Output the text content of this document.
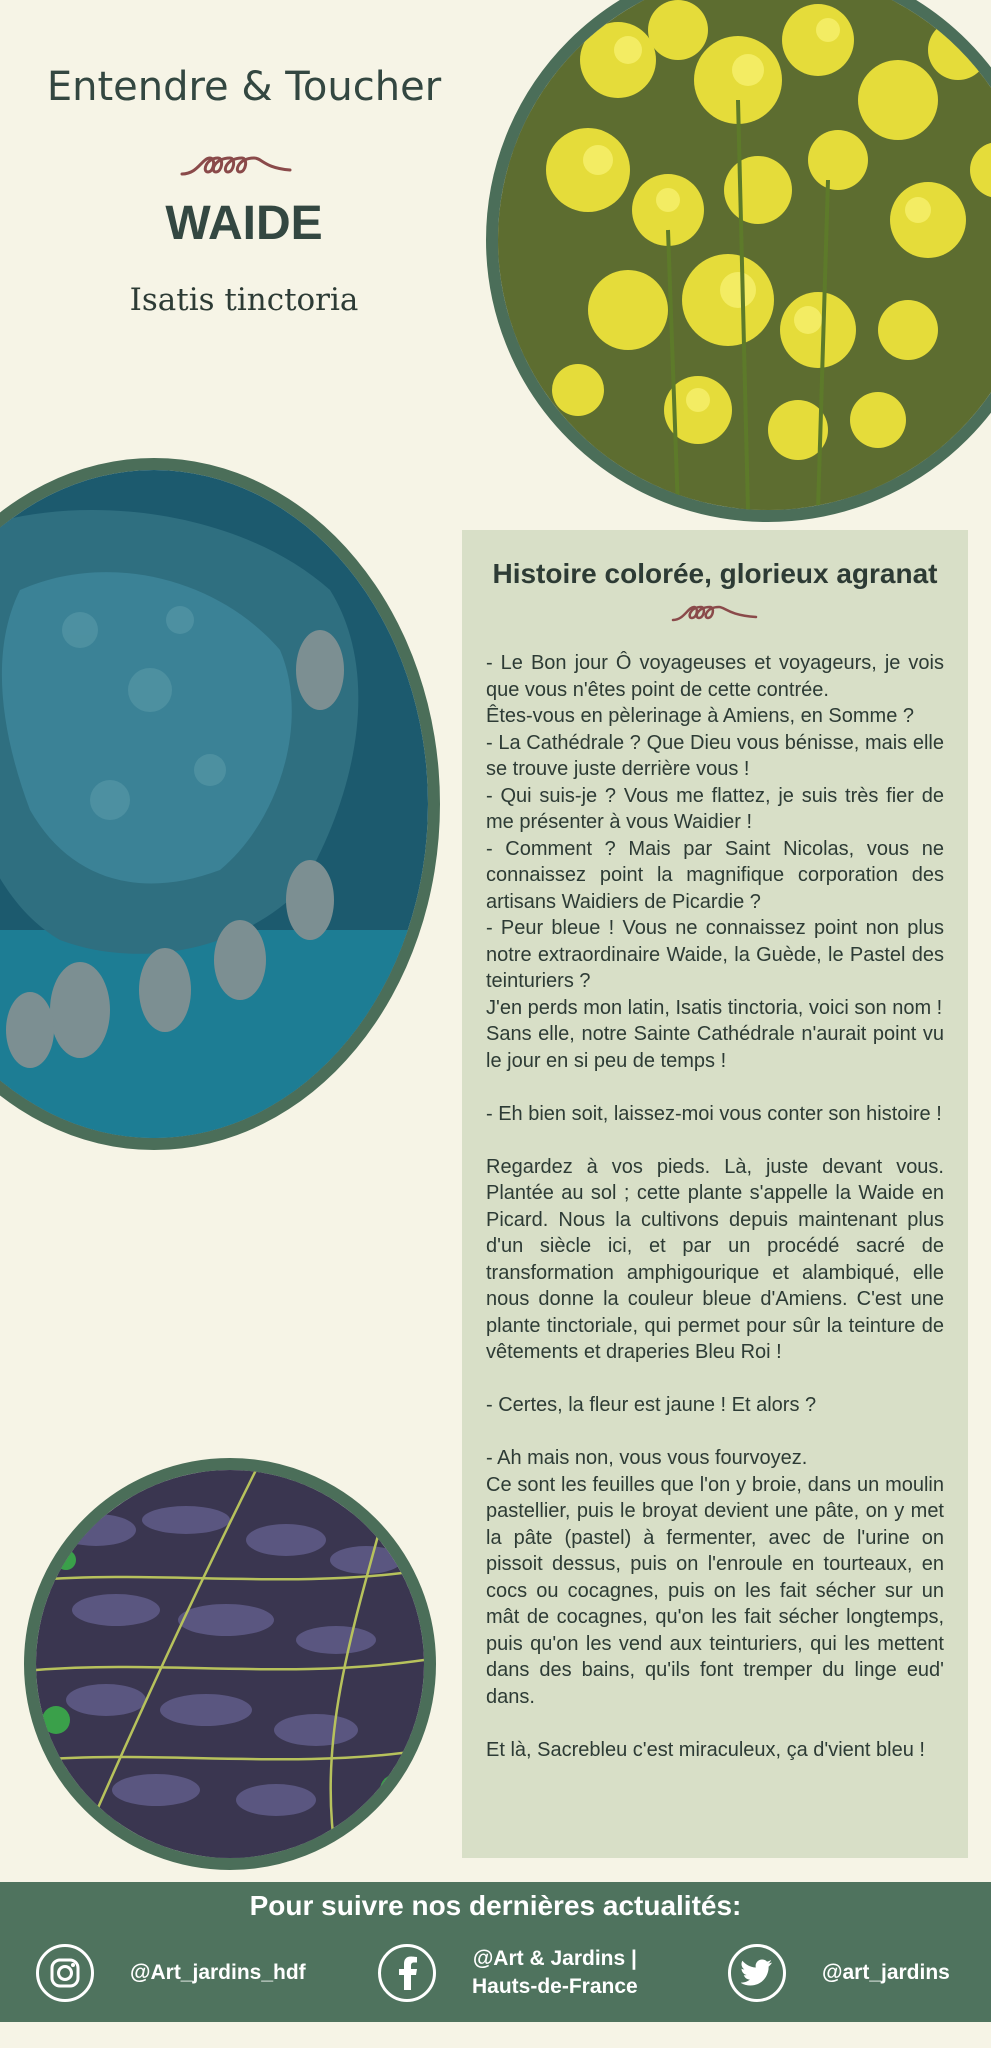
Entendre & Toucher
WAIDE
Isatis tinctoria
Histoire colorée, glorieux agranat
- Le Bon jour Ô voyageuses et voyageurs, je vois que vous n'êtes point de cette contrée.
Êtes-vous en pèlerinage à Amiens, en Somme ?
- La Cathédrale ? Que Dieu vous bénisse, mais elle se trouve juste derrière vous !
- Qui suis-je ? Vous me flattez, je suis très fier de me présenter à vous Waidier !
- Comment ? Mais par Saint Nicolas, vous ne connaissez point la magnifique corporation des artisans Waidiers de Picardie ?
- Peur bleue ! Vous ne connaissez point non plus notre extraordinaire Waide, la Guède, le Pastel des teinturiers ?
J'en perds mon latin, Isatis tinctoria, voici son nom !
Sans elle, notre Sainte Cathédrale n'aurait point vu le jour en si peu de temps !

- Eh bien soit, laissez-moi vous conter son histoire !

Regardez à vos pieds. Là, juste devant vous. Plantée au sol ; cette plante s'appelle la Waide en Picard. Nous la cultivons depuis maintenant plus d'un siècle ici, et par un procédé sacré de transformation amphigourique et alambiqué, elle nous donne la couleur bleue d'Amiens. C'est une plante tinctoriale, qui permet pour sûr la teinture de vêtements et draperies Bleu Roi !

- Certes, la fleur est jaune ! Et alors ?

- Ah mais non, vous vous fourvoyez.
Ce sont les feuilles que l'on y broie, dans un moulin pastellier, puis le broyat devient une pâte, on y met la pâte (pastel) à fermenter, avec de l'urine on pissoit dessus, puis on l'enroule en tourteaux, en cocs ou cocagnes, puis on les fait sécher sur un mât de cocagnes, qu'on les fait sécher longtemps, puis qu'on les vend aux teinturiers, qui les mettent dans des bains, qu'ils font tremper du linge eud' dans.

Et là, Sacrebleu c'est miraculeux, ça d'vient bleu !
Pour suivre nos dernières actualités:
@Art_jardins_hdf
@Art & Jardins |
Hauts-de-France
@art_jardins
